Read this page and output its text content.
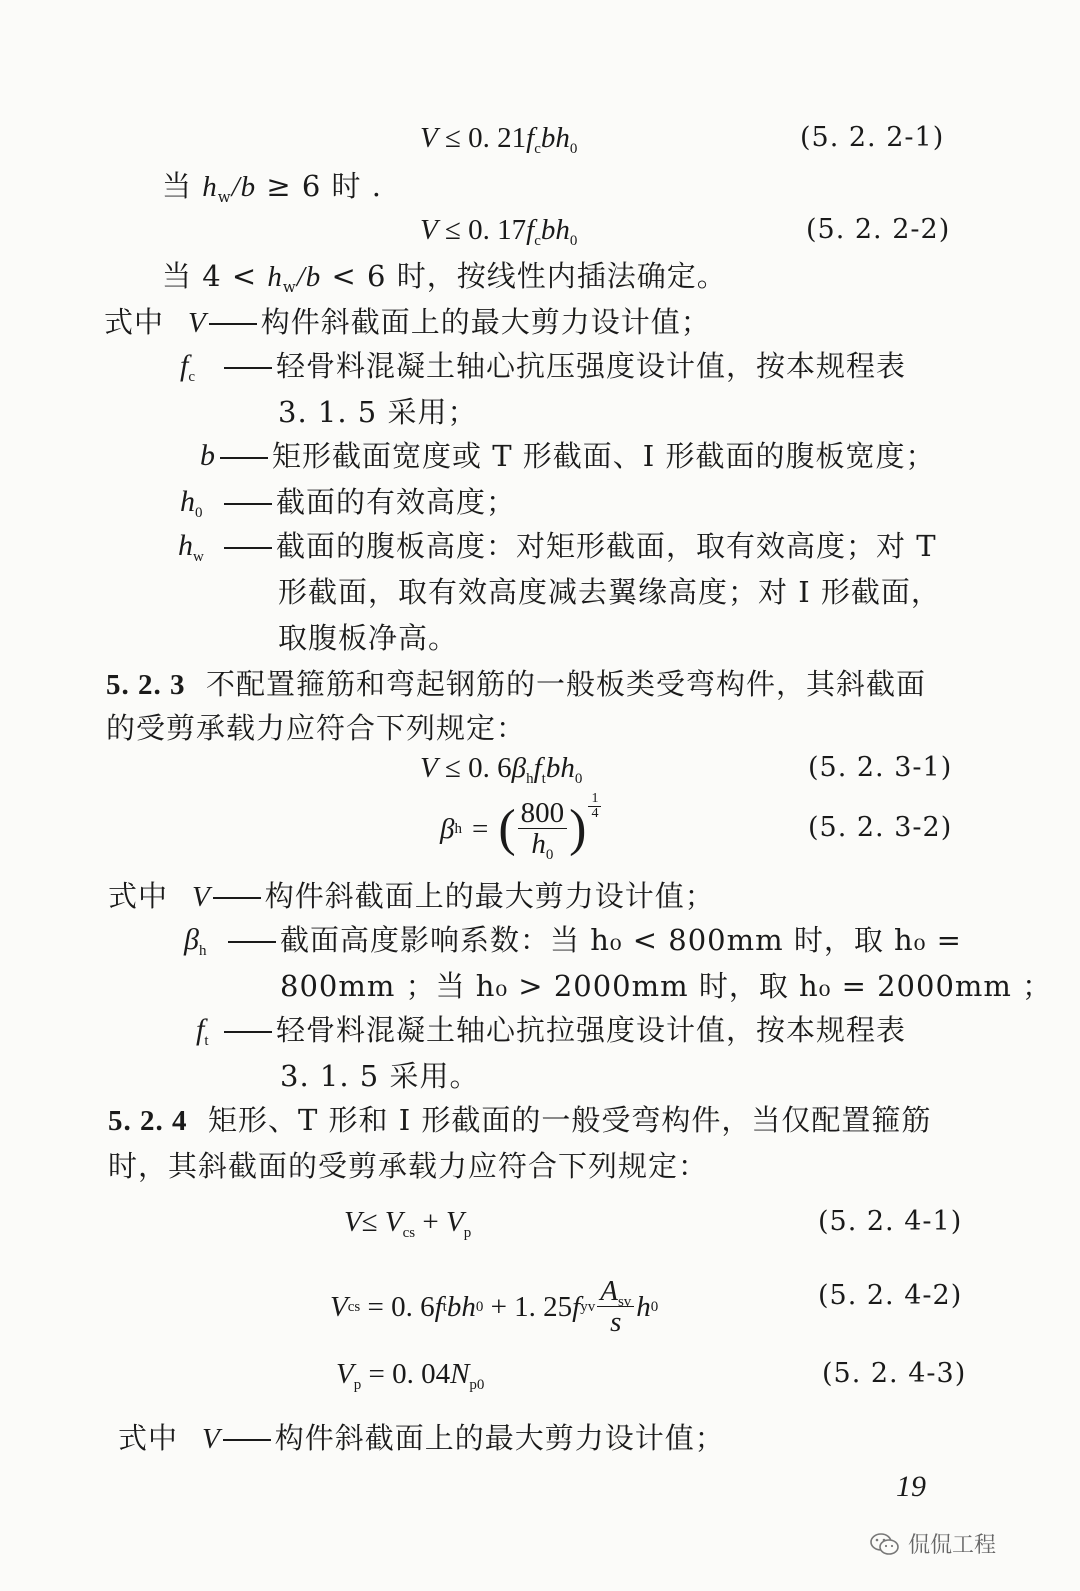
V ≤ 0. $21f_cbh_0$	(5. 2. 2-1)
当 $h_w/b \ge 6$ 时 .
V ≤ 0. $17f_cbh_0$	(5. 2. 2-2)
当 $4 < h_w/b < 6$ 时，按线性内插法确定。
式中 V 构件斜截面上的最大剪力设计值；
$f_c$	轻骨料混凝土轴心抗压强度设计值，按本规程表
3. 1. 5 采用；
b	矩形截面宽度或 T 形截面、I 形截面的腹板宽度；
$h_0$	截面的有效高度；
$h_w$	截面的腹板高度：对矩形截面，取有效高度；对 T
形截面，取有效高度减去翼缘高度；对 I 形截面，
取腹板净高。
5. 2. 3 不配置箍筋和弯起钢筋的一般板类受弯构件，其斜截面
的受剪承载力应符合下列规定：
V ≤ 0. $6\beta_hf_tbh_0$	(5. 2. 3-1)
β h = ( $\frac{800}{h_0}$ ) $\frac{1}{4}$
(5. 2. 3-2)
式中 V 构件斜截面上的最大剪力设计值；
$\beta_h$	截面高度影响系数：当 h₀ < 800mm 时，取 h₀ =
800mm ；当 h₀ > 2000mm 时，取 h₀ = 2000mm ；
$f_t$	轻骨料混凝土轴心抗拉强度设计值，按本规程表
3. 1. 5 采用。
5. 2. 4 矩形、T 形和 I 形截面的一般受弯构件，当仅配置箍筋
时，其斜截面的受剪承载力应符合下列规定：
$V\le V_{cs} + V_p$	(5. 2. 4-1)
V cs = 0. 6 f t bh 0 + 1. 25 f yv $\frac{A_{sv}}{s}$ h 0	(5. 2. 4-2)
$V_p = 0$. $04N_{p0}$	(5. 2. 4-3)
式中 V 构件斜截面上的最大剪力设计值；
19
侃侃工程
